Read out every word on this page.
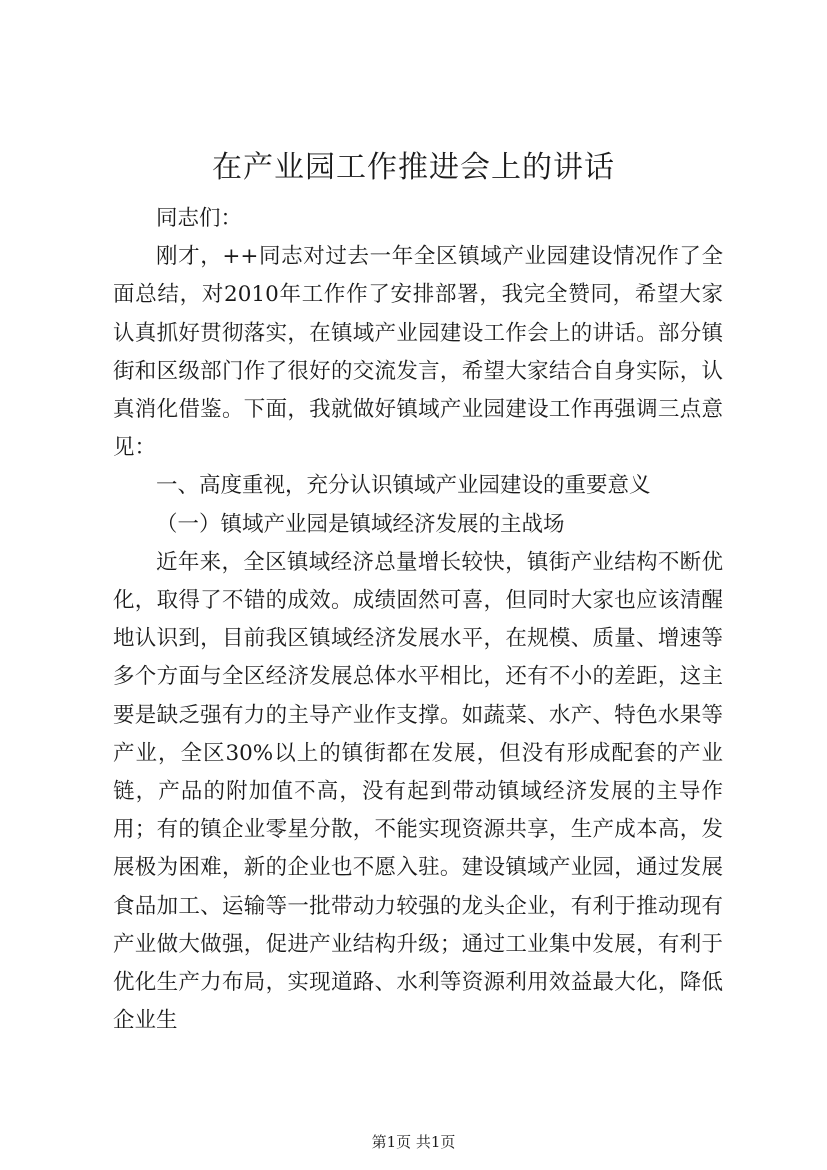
在产业园工作推进会上的讲话

同志们：

刚才，++同志对过去一年全区镇域产业园建设情况作了全面总结，对2010年工作作了安排部署，我完全赞同，希望大家认真抓好贯彻落实，在镇域产业园建设工作会上的讲话。部分镇街和区级部门作了很好的交流发言，希望大家结合自身实际，认真消化借鉴。下面，我就做好镇域产业园建设工作再强调三点意见：

一、高度重视，充分认识镇域产业园建设的重要意义

（一）镇域产业园是镇域经济发展的主战场

近年来，全区镇域经济总量增长较快，镇街产业结构不断优化，取得了不错的成效。成绩固然可喜，但同时大家也应该清醒地认识到，目前我区镇域经济发展水平，在规模、质量、增速等多个方面与全区经济发展总体水平相比，还有不小的差距，这主要是缺乏强有力的主导产业作支撑。如蔬菜、水产、特色水果等产业，全区30%以上的镇街都在发展，但没有形成配套的产业链，产品的附加值不高，没有起到带动镇域经济发展的主导作用；有的镇企业零星分散，不能实现资源共享，生产成本高，发展极为困难，新的企业也不愿入驻。建设镇域产业园，通过发展食品加工、运输等一批带动力较强的龙头企业，有利于推动现有产业做大做强，促进产业结构升级；通过工业集中发展，有利于优化生产力布局，实现道路、水利等资源利用效益最大化，降低企业生

第1页 共1页
